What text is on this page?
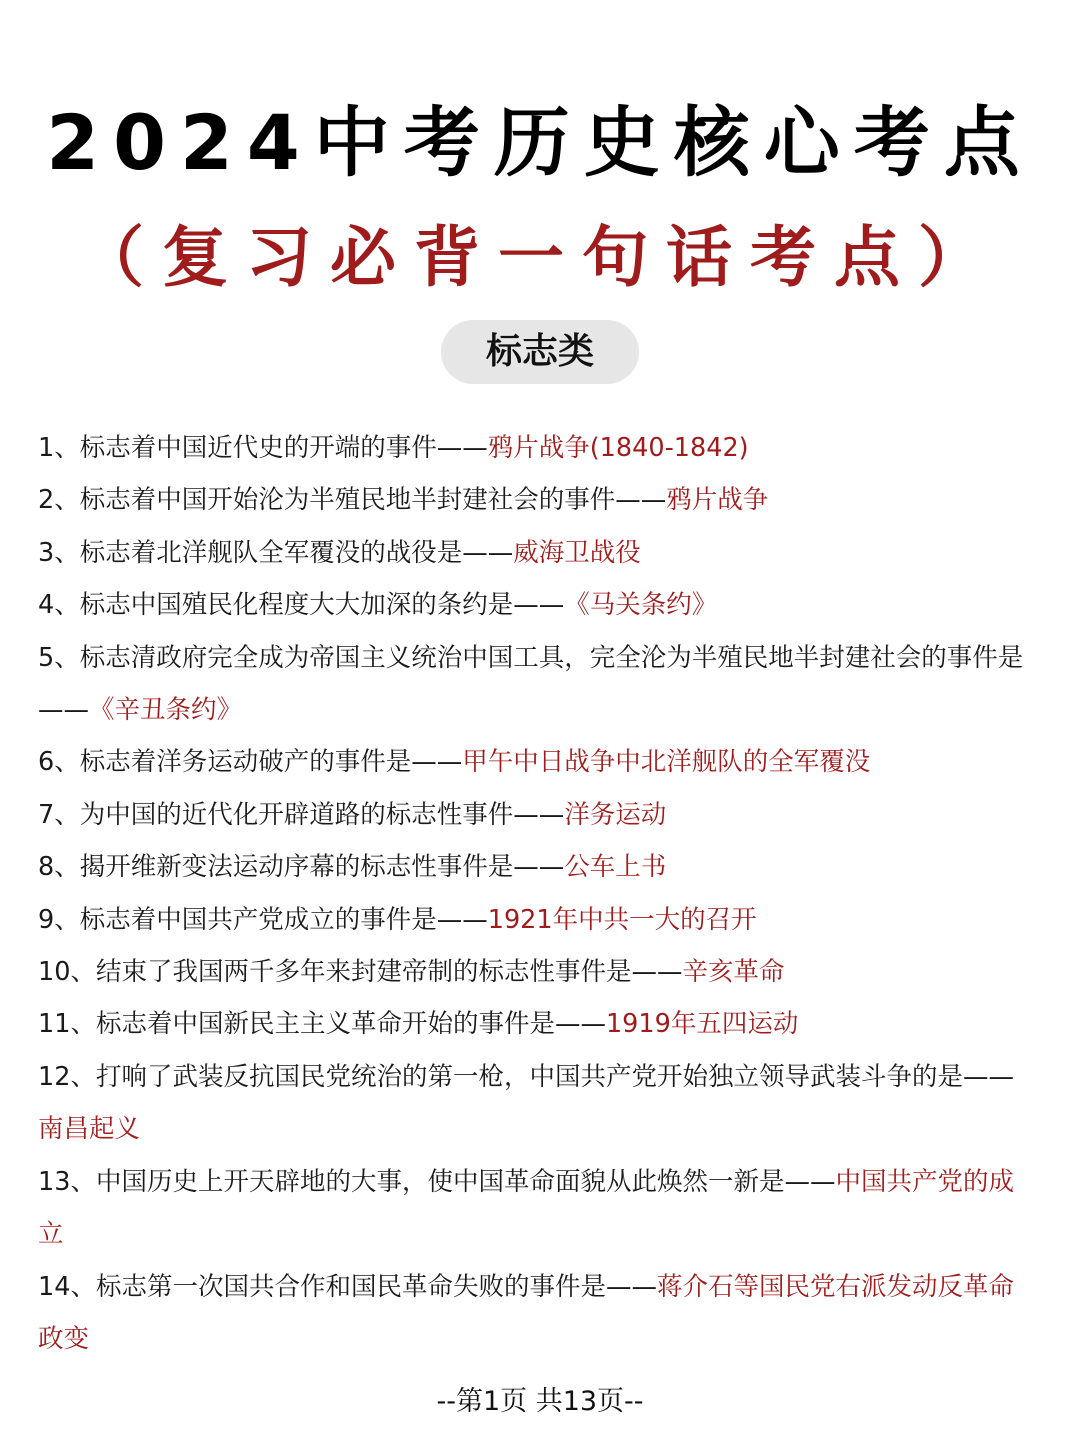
2024中考历史核心考点
（复习必背一句话考点）
标志类
1、标志着中国近代史的开端的事件——鸦片战争(1840-1842)
2、标志着中国开始沦为半殖民地半封建社会的事件——鸦片战争
3、标志着北洋舰队全军覆没的战役是——威海卫战役
4、标志中国殖民化程度大大加深的条约是——《马关条约》
5、标志清政府完全成为帝国主义统治中国工具，完全沦为半殖民地半封建社会的事件是——《辛丑条约》
6、标志着洋务运动破产的事件是——甲午中日战争中北洋舰队的全军覆没
7、为中国的近代化开辟道路的标志性事件——洋务运动
8、揭开维新变法运动序幕的标志性事件是——公车上书
9、标志着中国共产党成立的事件是——1921年中共一大的召开
10、结束了我国两千多年来封建帝制的标志性事件是——辛亥革命
11、标志着中国新民主主义革命开始的事件是——1919年五四运动
12、打响了武装反抗国民党统治的第一枪，中国共产党开始独立领导武装斗争的是——南昌起义
13、中国历史上开天辟地的大事，使中国革命面貌从此焕然一新是——中国共产党的成立
14、标志第一次国共合作和国民革命失败的事件是——蒋介石等国民党右派发动反革命政变
--第1页 共13页--
